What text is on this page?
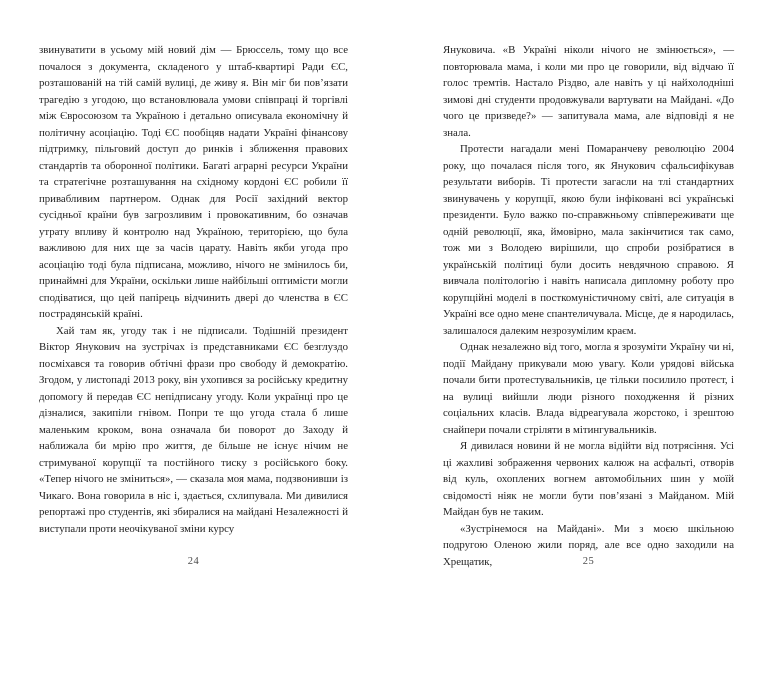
звинуватити в усьому мій новий дім — Брюссель, тому що все почалося з документа, складеного у штаб-квартирі Ради ЄС, розташованій на тій самій вулиці, де живу я. Він міг би пов’язати трагедію з угодою, що встановлювала умови співпраці й торгівлі між Євросоюзом та Україною і детально описувала економічну й політичну асоціацію. Тоді ЄС пообіцяв надати Україні фінансову підтримку, пільговий доступ до ринків і зближення правових стандартів та оборонної політики. Багаті аграрні ресурси України та стратегічне розташування на східному кордоні ЄС робили її привабливим партнером. Однак для Росії західний вектор сусідньої країни був загрозливим і провокативним, бо означав утрату впливу й контролю над Україною, територією, що була важливою для них ще за часів царату. Навіть якби угода про асоціацію тоді була підписана, можливо, нічого не змінилось би, принаймні для України, оскільки лише найбільші оптимісти могли сподіватися, що цей папірець відчинить двері до членства в ЄС пострадянській країні.

Хай там як, угоду так і не підписали. Тодішній президент Віктор Янукович на зустрічах із представниками ЄС безглуздо посміхався та говорив обтічні фрази про свободу й демократію. Згодом, у листопаді 2013 року, він ухопився за російську кредитну допомогу й передав ЄС непідписану угоду. Коли українці про це дізналися, закипіли гнівом. Попри те що угода стала б лише маленьким кроком, вона означала би поворот до Заходу й наближала би мрію про життя, де більше не існує нічим не стримуваної корупції та постійного тиску з російського боку. «Тепер нічого не зміниться», — сказала моя мама, подзвонивши із Чикаго. Вона говорила в ніс і, здається, схлипувала. Ми дивилися репортажі про студентів, які збиралися на майдані Незалежності й виступали проти неочікуваної зміни курсу

Януковича. «В Україні ніколи нічого не змінюється», — повторювала мама, і коли ми про це говорили, від відчаю її голос тремтів. Настало Різдво, але навіть у ці найхолодніші зимові дні студенти продовжували вартувати на Майдані. «До чого це призведе?» — запитувала мама, але відповіді я не знала.

Протести нагадали мені Помаранчеву революцію 2004 року, що почалася після того, як Янукович сфальсифікував результати виборів. Ті протести загасли на тлі стандартних звинувачень у корупції, якою були інфіковані всі українські президенти. Було важко по-справжньому співпереживати ще одній революції, яка, ймовірно, мала закінчитися так само, тож ми з Володею вирішили, що спроби розібратися в українській політиці були досить невдячною справою. Я вивчала політологію і навіть написала дипломну роботу про корупційні моделі в посткомуністичному світі, але ситуація в Україні все одно мене спантеличувала. Місце, де я народилась, залишалося далеким незрозумілим краєм.

Однак незалежно від того, могла я зрозуміти Україну чи ні, події Майдану прикували мою увагу. Коли урядові війська почали бити протестувальників, це тільки посилило протест, і на вулиці вийшли люди різного походження й різних соціальних класів. Влада відреагувала жорстоко, і зрештою снайпери почали стріляти в мітингувальників.

Я дивилася новини й не могла відійти від потрясіння. Усі ці жахливі зображення червоних калюж на асфальті, отворів від куль, охоплених вогнем автомобільних шин у моїй свідомості ніяк не могли бути пов’язані з Майданом. Мій Майдан був не таким.

«Зустрінемося на Майдані». Ми з моєю шкільною подругою Оленою жили поряд, але все одно заходили на Хрещатик,

24	25
